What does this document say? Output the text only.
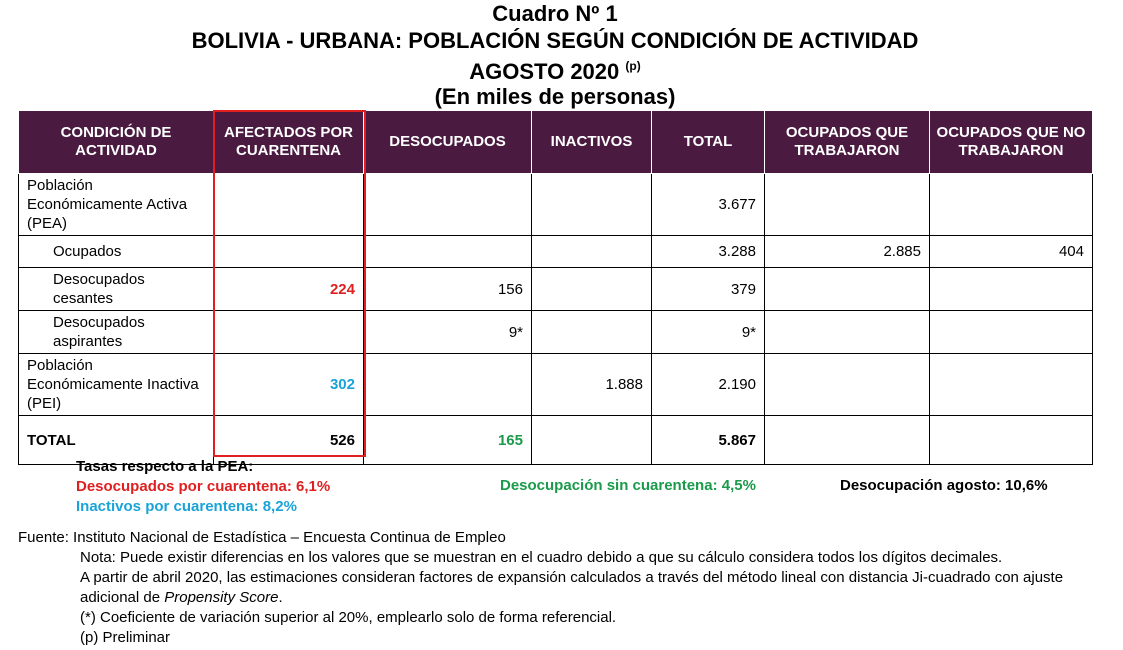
Cuadro Nº 1
BOLIVIA - URBANA: POBLACIÓN SEGÚN CONDICIÓN DE ACTIVIDAD
AGOSTO 2020 $^{(p)}$
(En miles de personas)
CONDICIÓN DE ACTIVIDAD	AFECTADOS POR CUARENTENA	DESOCUPADOS	INACTIVOS	TOTAL	OCUPADOS QUE TRABAJARON	OCUPADOS QUE NO TRABAJARON
Población Económicamente Activa (PEA)				3.677		
Ocupados				3.288	2.885	404
Desocupados cesantes	224	156		379		
Desocupados aspirantes		9*		9*		
Población Económicamente Inactiva (PEI)	302		1.888	2.190		
TOTAL	526	165		5.867		
Tasas respecto a la PEA:
Desocupados por cuarentena: 6,1%
Inactivos por cuarentena: 8,2%
Desocupación sin cuarentena: 4,5%	Desocupación agosto: 10,6%
Fuente: Instituto Nacional de Estadística – Encuesta Continua de Empleo
Nota: Puede existir diferencias en los valores que se muestran en el cuadro debido a que su cálculo considera todos los dígitos decimales.
A partir de abril 2020, las estimaciones consideran factores de expansión calculados a través del método lineal con distancia Ji-cuadrado con ajuste adicional de Propensity Score.
(*) Coeficiente de variación superior al 20%, emplearlo solo de forma referencial.
(p) Preliminar
